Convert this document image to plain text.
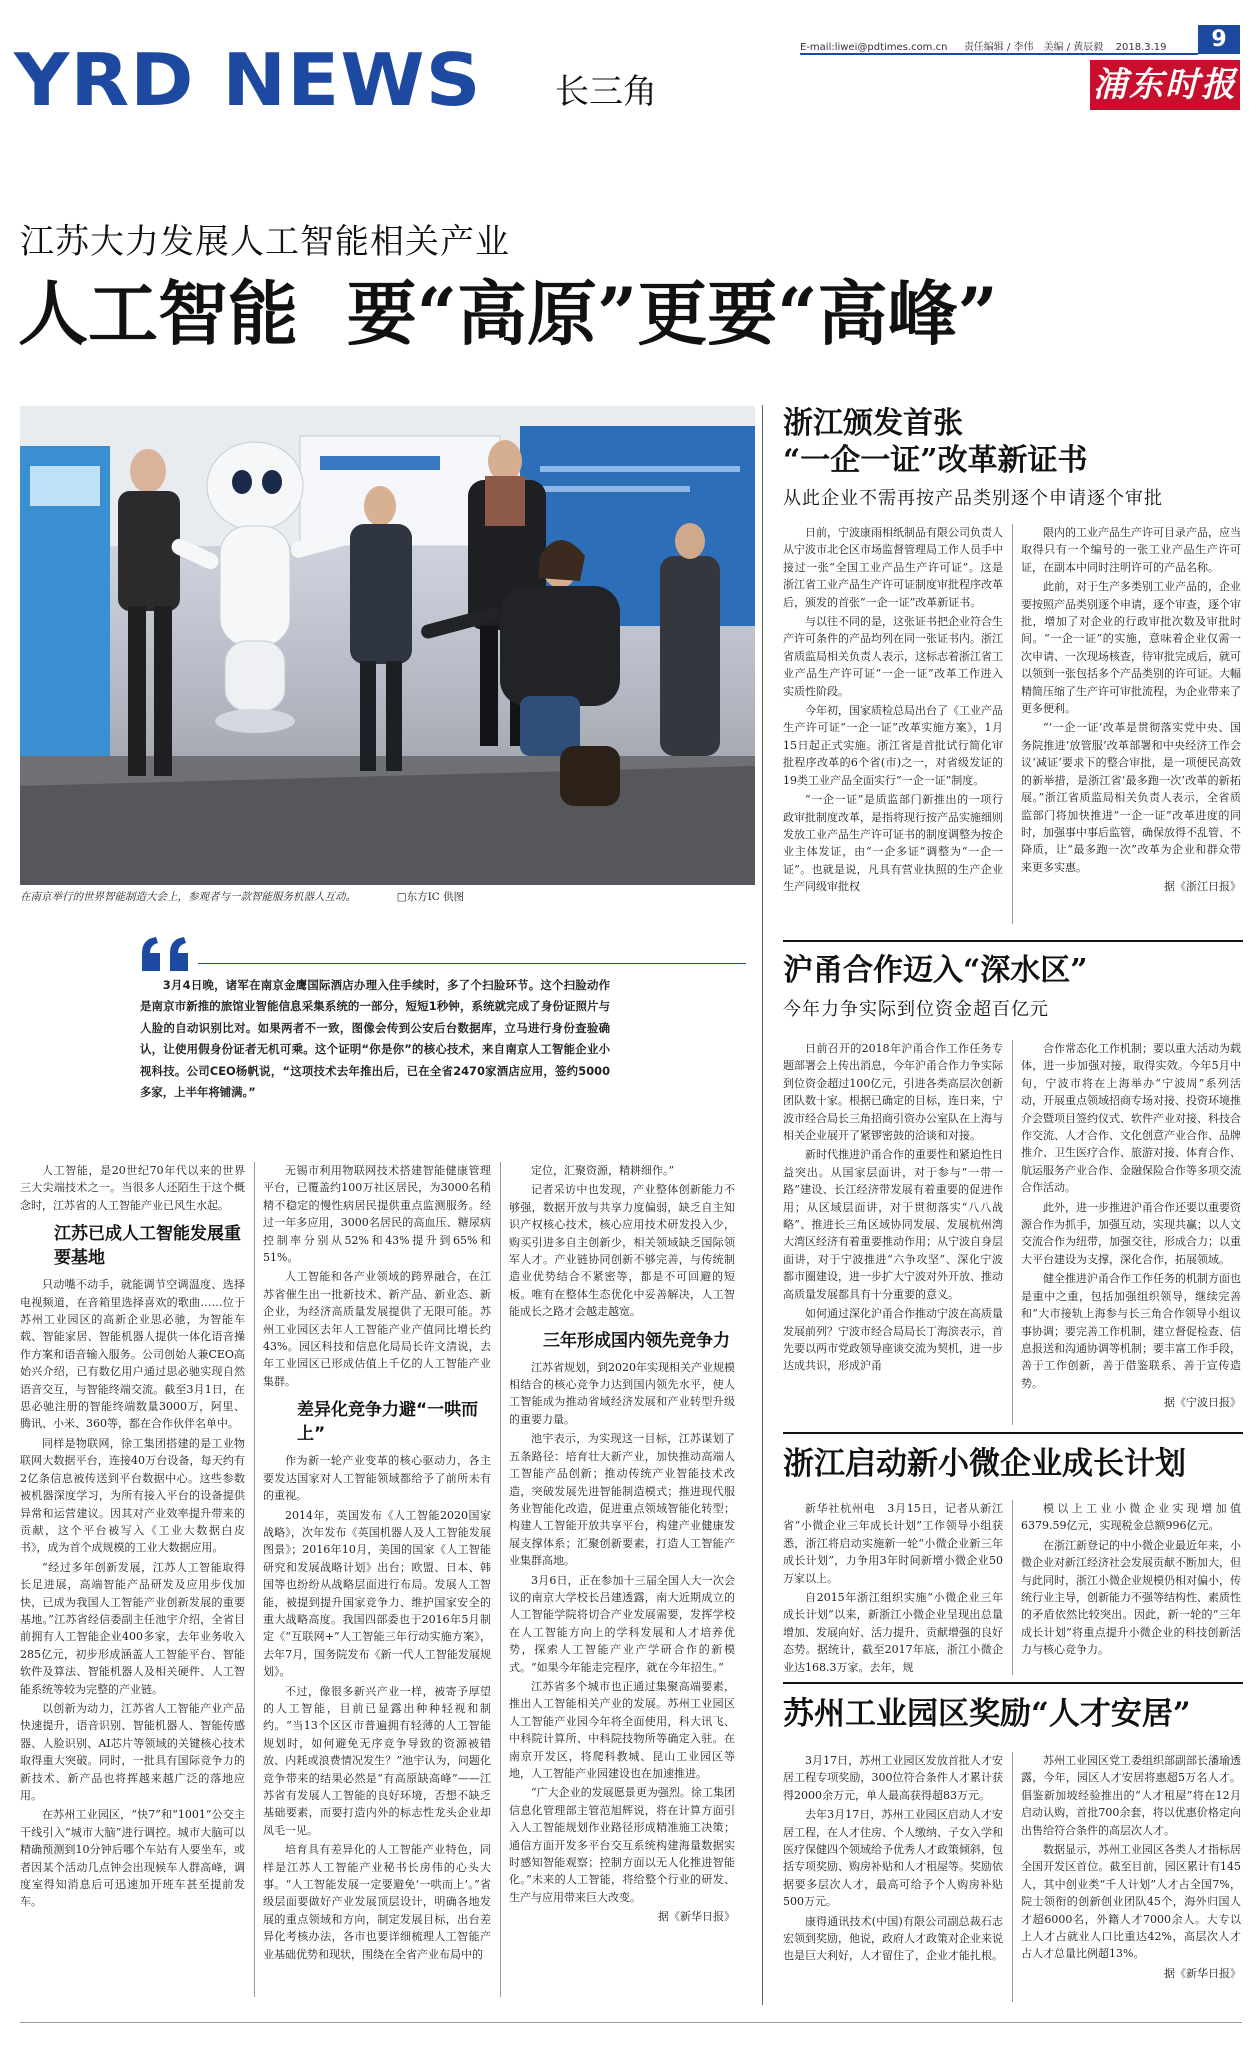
E-mail:liwei@pdtimes.com.cn 责任编辑 / 李伟　美编 / 黄辰毅 2018.3.19	9
YRD NEWS 长三角	浦东时报
江苏大力发展人工智能相关产业
人工智能  要“高原”更要“高峰”
在南京举行的世界智能制造大会上，参观者与一款智能服务机器人互动。	□东方IC 供图
3月4日晚，诸军在南京金鹰国际酒店办理入住手续时，多了个扫脸环节。这个扫脸动作是南京市新推的旅馆业智能信息采集系统的一部分，短短1秒钟，系统就完成了身份证照片与人脸的自动识别比对。如果两者不一致，图像会传到公安后台数据库，立马进行身份查验确认，让使用假身份证者无机可乘。这个证明“你是你”的核心技术，来自南京人工智能企业小视科技。公司CEO杨帆说，“这项技术去年推出后，已在全省2470家酒店应用，签约5000多家，上半年将铺满。”

人工智能，是20世纪70年代以来的世界三大尖端技术之一。当很多人还陌生于这个概念时，江苏省的人工智能产业已风生水起。

江苏已成人工智能发展重要基地

只动嘴不动手，就能调节空调温度、选择电视频道，在音箱里选择喜欢的歌曲……位于苏州工业园区的高新企业思必驰，为智能车载、智能家居、智能机器人提供一体化语音操作方案和语音输入服务。公司创始人兼CEO高始兴介绍，已有数亿用户通过思必驰实现自然语音交互，与智能终端交流。截至3月1日，在思必驰注册的智能终端数量3000万，阿里、腾讯、小米、360等，都在合作伙伴名单中。

同样是物联网，徐工集团搭建的是工业物联网大数据平台，连接40万台设备，每天约有2亿条信息被传送到平台数据中心。这些参数被机器深度学习，为所有接入平台的设备提供异常和运营建议。因其对产业效率提升带来的贡献，这个平台被写入《工业大数据白皮书》，成为首个成规模的工业大数据应用。

“经过多年创新发展，江苏人工智能取得长足进展，高端智能产品研发及应用步伐加快，已成为我国人工智能产业创新发展的重要基地。”江苏省经信委副主任池宇介绍，全省目前拥有人工智能企业400多家，去年业务收入285亿元，初步形成涵盖人工智能平台、智能软件及算法、智能机器人及相关硬件、人工智能系统等较为完整的产业链。

以创新为动力，江苏省人工智能产业产品快速提升，语音识别、智能机器人、智能传感器、人脸识别、AI芯片等领域的关键核心技术取得重大突破。同时，一批具有国际竞争力的新技术、新产品也将挥越来越广泛的落地应用。

在苏州工业园区，“快7”和“1001”公交主干线引入“城市大脑”进行调控。城市大脑可以精确预测到10分钟后哪个车站有人要坐车，或者因某个活动几点钟会出现候车人群高峰，调度室得知消息后可迅速加开班车甚至提前发车。

无锡市利用物联网技术搭建智能健康管理平台，已覆盖约100万社区居民，为3000名稍精不稳定的慢性病居民提供重点监测服务。经过一年多应用，3000名居民的高血压、糖尿病控制率分别从52%和43%提升到65%和51%。

人工智能和各产业领域的跨界融合，在江苏省催生出一批新技术、新产品、新业态、新企业，为经济高质量发展提供了无限可能。苏州工业园区去年人工智能产业产值同比增长约43%。园区科技和信息化局局长许文清说，去年工业园区已形成估值上千亿的人工智能产业集群。

差异化竞争力避“一哄而上”

作为新一轮产业变革的核心驱动力，各主要发达国家对人工智能领域都给予了前所未有的重视。

2014年，英国发布《人工智能2020国家战略》，次年发布《英国机器人及人工智能发展图景》；2016年10月，美国的国家《人工智能研究和发展战略计划》出台；欧盟、日本、韩国等也纷纷从战略层面进行布局。发展人工智能，被提到提升国家竞争力、维护国家安全的重大战略高度。我国四部委也于2016年5月制定《“互联网+”人工智能三年行动实施方案》，去年7月，国务院发布《新一代人工智能发展规划》。

不过，像很多新兴产业一样，被寄予厚望的人工智能，目前已显露出种种轻视和制约。“当13个区区市普遍拥有轻薄的人工智能规划时，如何避免无序竞争导致的资源被错放、内耗或浪费情况发生？”池宇认为，问题化竞争带来的结果必然是“有高原缺高峰”——江苏省有发展人工智能的良好环境，否想不缺乏基础要素，而要打造内外的标志性龙头企业却凤毛一见。

培育具有差异化的人工智能产业特色，同样是江苏人工智能产业秘书长房伟的心头大事。“人工智能发展一定要避免‘一哄而上’。”省级层面要做好产业发展顶层设计，明确各地发展的重点领域和方向，制定发展目标，出台差异化考核办法，各市也要详细梳理人工智能产业基础优势和现状，围绕在全省产业布局中的

定位，汇聚资源，精耕细作。”

记者采访中也发现，产业整体创新能力不够强，数据开放与共享力度偏弱，缺乏自主知识产权核心技术，核心应用技术研发投入少，购买引进多自主创新少，相关领域缺乏国际领军人才。产业链协同创新不够完善，与传统制造业优势结合不紧密等，都是不可回避的短板。唯有在整体生态优化中妥善解决，人工智能成长之路才会越走越宽。

三年形成国内领先竞争力

江苏省规划，到2020年实现相关产业规模相结合的核心竞争力达到国内领先水平，使人工智能成为推动省域经济发展和产业转型升级的重要力量。

池宇表示，为实现这一目标，江苏谋划了五条路径：培育壮大新产业，加快推动高端人工智能产品创新；推动传统产业智能技术改造，突破发展先进智能制造模式；推进现代服务业智能化改造，促进重点领域智能化转型；构建人工智能开放共享平台，构建产业健康发展支撑体系；汇聚创新要素，打造人工智能产业集群高地。

3月6日，正在参加十三届全国人大一次会议的南京大学校长吕建透露，南大近期成立的人工智能学院将切合产业发展需要，发挥学校在人工智能方向上的学科发展和人才培养优势，探索人工智能产业产学研合作的新模式。“如果今年能走完程序，就在今年招生。”

江苏省多个城市也正通过集聚高端要素，推出人工智能相关产业的发展。苏州工业园区人工智能产业园今年将全面使用，科大讯飞、中科院计算所、中科院技物所等确定入驻。在南京开发区，将爬科教城、昆山工业园区等地，人工智能产业园建设也在加速推进。

“广大企业的发展愿景更为强烈。徐工集团信息化管理部主管范旭辉说，将在计算方面引入人工智能规划作业路径形成精准施工决策；通信方面开发多平台交互系统构建海量数据实时感知智能观察；控制方面以无人化推进智能化。”未来的人工智能，将给整个行业的研发、生产与应用带来巨大改变。

据《新华日报》

浙江颁发首张
“一企一证”改革新证书
从此企业不需再按产品类别逐个申请逐个审批

日前，宁波康雨相纸制品有限公司负责人从宁波市北仑区市场监督管理局工作人员手中接过一张“全国工业产品生产许可证”。这是浙江省工业产品生产许可证制度审批程序改革后，颁发的首张“一企一证”改革新证书。

与以往不同的是，这张证书把企业符合生产许可条件的产品均列在同一张证书内。浙江省质监局相关负责人表示，这标志着浙江省工业产品生产许可证“一企一证”改革工作进入实质性阶段。

今年初，国家质检总局出台了《工业产品生产许可证“一企一证”改革实施方案》，1月15日起正式实施。浙江省是首批试行简化审批程序改革的6个省(市)之一，对省级发证的19类工业产品全面实行“一企一证”制度。

“一企一证”是质监部门新推出的一项行政审批制度改革，是指将现行按产品实施细则发放工业产品生产许可证书的制度调整为按企业主体发证，由“一企多证”调整为“一企一证”。也就是说，凡具有营业执照的生产企业生产同级审批权

限内的工业产品生产许可目录产品，应当取得只有一个编号的一张工业产品生产许可证，在副本中同时注明许可的产品名称。

此前，对于生产多类别工业产品的，企业要按照产品类别逐个申请，逐个审查，逐个审批，增加了对企业的行政审批次数及审批时间。“一企一证”的实施，意味着企业仅需一次申请、一次现场核查，待审批完成后，就可以领到一张包括多个产品类别的许可证。大幅精简压缩了生产许可审批流程，为企业带来了更多便利。

“‘一企一证’改革是贯彻落实党中央、国务院推进‘放管服’改革部署和中央经济工作会议‘减证’要求下的整合审批，是一项便民高效的新举措，是浙江省‘最多跑一次’改革的新拓展。”浙江省质监局相关负责人表示，全省质监部门将加快推进“一企一证”改革进度的同时，加强事中事后监管，确保放得不乱管、不降质，让“最多跑一次”改革为企业和群众带来更多实惠。

据《浙江日报》

沪甬合作迈入“深水区”
今年力争实际到位资金超百亿元

日前召开的2018年沪甬合作工作任务专题部署会上传出消息，今年沪甬合作力争实际到位资金超过100亿元，引进各类高层次创新团队数十家。根据已确定的目标，连日来，宁波市经合局长三角招商引资办公室队在上海与相关企业展开了紧锣密鼓的洽谈和对接。

新时代推进沪甬合作的重要性和紧迫性日益突出。从国家层面讲，对于参与“一带一路”建设、长江经济带发展有着重要的促进作用；从区域层面讲，对于贯彻落实“八八战略”、推进长三角区域协同发展、发展杭州湾大湾区经济有着重要推动作用；从宁波自身层面讲，对于宁波推进“六争攻坚”、深化宁波都市圈建设，进一步扩大宁波对外开放、推动高质量发展都具有十分重要的意义。

如何通过深化沪甬合作推动宁波在高质量发展前列？宁波市经合局局长丁海滨表示，首先要以两市党政领导座谈交流为契机，进一步达成共识，形成沪甬

合作常态化工作机制；要以重大活动为载体，进一步加强对接，取得实效。今年5月中旬，宁波市将在上海举办“宁波周”系列活动，开展重点领域招商专场对接、投资环境推介会暨项目签约仪式、软件产业对接、科技合作交流、人才合作、文化创意产业合作、品牌推介、卫生医疗合作、旅游对接、体育合作、航运服务产业合作、金融保险合作等多项交流合作活动。

此外，进一步推进沪甬合作还要以重要资源合作为抓手，加强互动，实现共赢；以人文交流合作为纽带，加强交往，形成合力；以重大平台建设为支撑，深化合作，拓展领域。

健全推进沪甬合作工作任务的机制方面也是重中之重，包括加强组织领导，继续完善和“大市接轨上海参与长三角合作领导小组议事协调；要完善工作机制，建立督促检查、信息报送和沟通协调等机制；要丰富工作手段，善于工作创新，善于借鉴联系、善于宣传造势。

据《宁波日报》

浙江启动新小微企业成长计划

新华社杭州电　3月15日，记者从新江省“小微企业三年成长计划”工作领导小组获悉，浙江将启动实施新一轮“小微企业新三年成长计划”，力争用3年时间新增小微企业50万家以上。

自2015年浙江组织实施“小微企业三年成长计划”以来，新浙江小微企业呈现出总量增加、发展向好、活力提升、贡献增强的良好态势。据统计，截至2017年底，浙江小微企业达168.3万家。去年，规

模以上工业小微企业实现增加值6379.59亿元，实现税金总额996亿元。

在浙江新登记的中小微企业最近年来，小微企业对新江经济社会发展贡献不断加大，但与此同时，浙江小微企业规模仍相对偏小，传统行业主导，创新能力不强等结构性、素质性的矛盾依然比较突出。因此，新一轮的“三年成长计划”将重点提升小微企业的科技创新活力与核心竞争力。

苏州工业园区奖励“人才安居”

3月17日，苏州工业园区发放首批人才安居工程专项奖励，300位符合条件人才累计获得2000余万元，单人最高获得超83万元。

去年3月17日，苏州工业园区启动人才安居工程，在人才住房、个人缴纳、子女入学和医疗保健四个领域给予优秀人才政策倾斜，包括专项奖励、购房补贴和人才租屋等。奖励依据要多层次人才，最高可给予个人购房补贴500万元。

康得通讯技术(中国)有限公司副总裁石志宏领到奖励，他说，政府人才政策对企业来说也是巨大利好，人才留住了，企业才能扎根。

苏州工业园区党工委组织部副部长潘瑜透露，今年，园区人才安居将惠超5万名人才。倡鉴新加坡经验推出的“人才租屋”将在12月启动认购，首批700余套，将以优惠价格定向出售给符合条件的高层次人才。

数据显示，苏州工业园区各类人才指标居全国开发区首位。截至目前，园区累计有145人，其中创业类“千人计划”人才占全国7%，院士领衔的创新创业团队45个，海外归国人才超6000名，外籍人才7000余人。大专以上人才占就业人口比重达42%，高层次人才占人才总量比例超13%。

据《新华日报》
